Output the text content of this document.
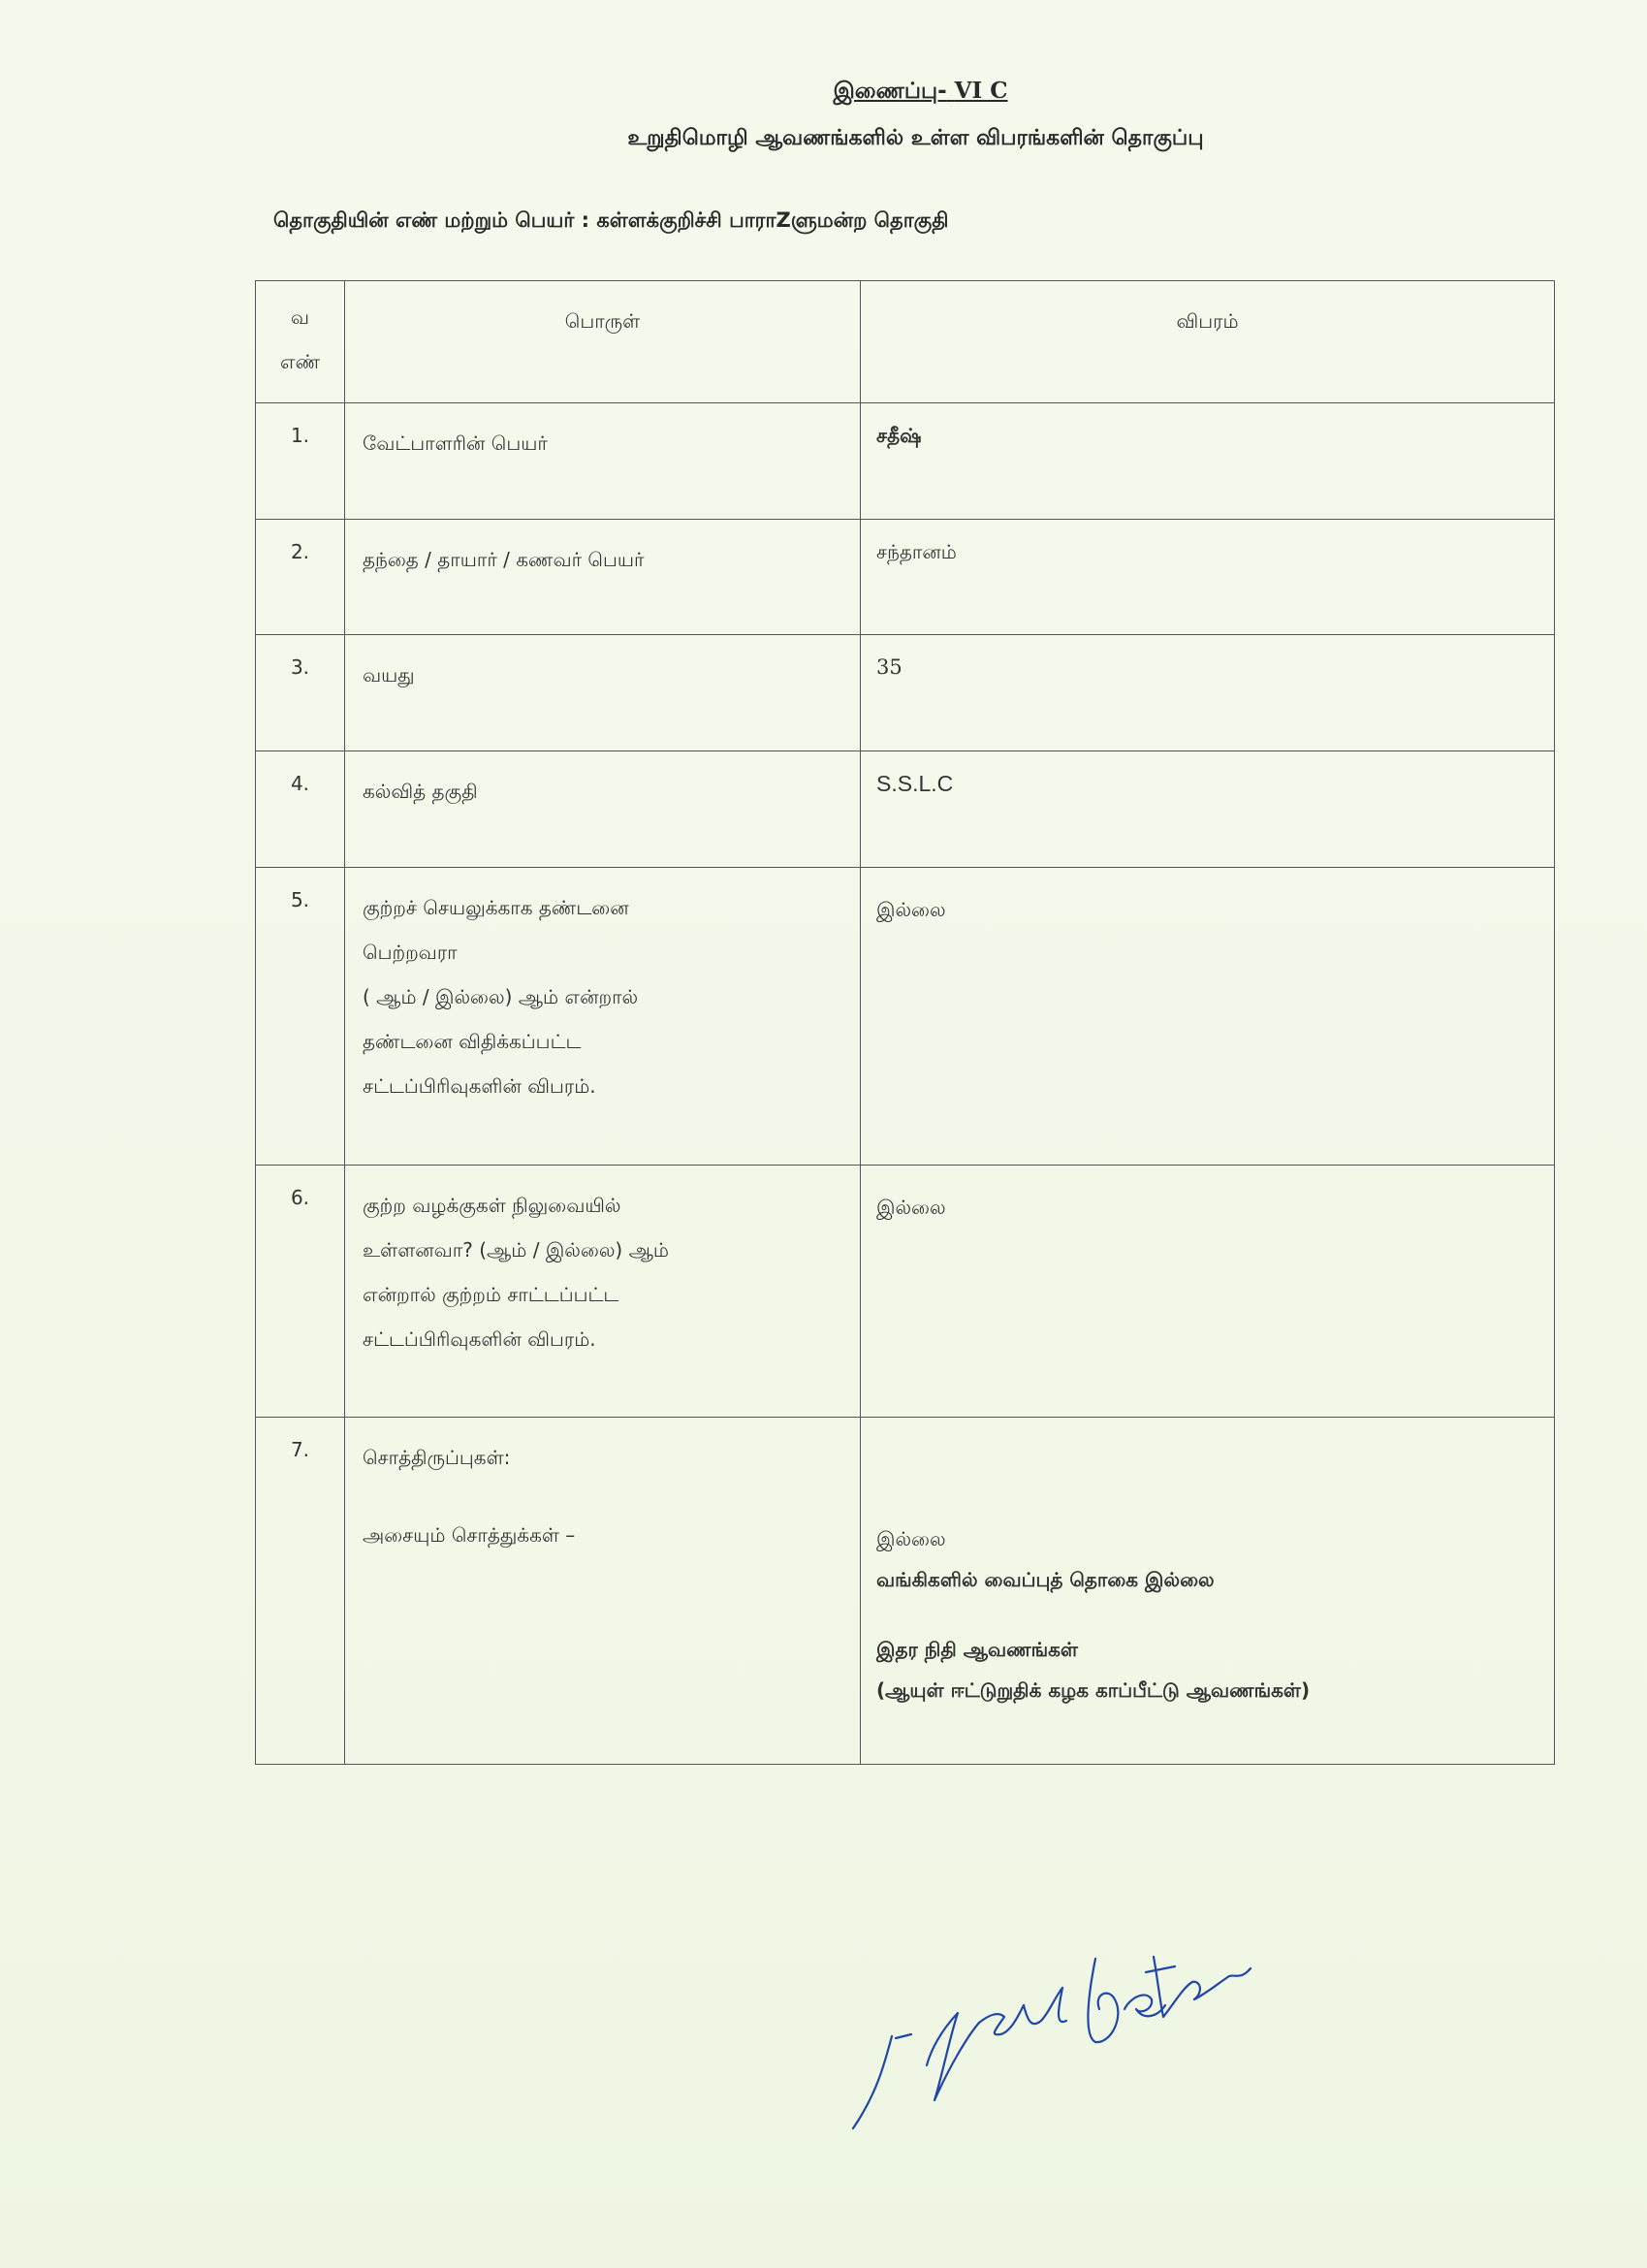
இணைப்பு- VI C
உறுதிமொழி ஆவணங்களில் உள்ள விபரங்களின் தொகுப்பு
தொகுதியின் எண் மற்றும் பெயர் : கள்ளக்குறிச்சி பாராZளுமன்ற தொகுதி
வ
எண்	பொருள்	விபரம்
1.	வேட்பாளரின் பெயர்	சதீஷ்

2.	தந்தை / தாயார் / கணவர் பெயர்	சந்தானம்

3.	வயது	35

4.	கல்வித் தகுதி	S.S.L.C

5.	குற்றச் செயலுக்காக தண்டனை
பெற்றவரா
( ஆம் / இல்லை) ஆம் என்றால்
தண்டனை விதிக்கப்பட்ட
சட்டப்பிரிவுகளின் விபரம்.	இல்லை

6.	குற்ற வழக்குகள் நிலுவையில்
உள்ளனவா? (ஆம் / இல்லை) ஆம்
என்றால் குற்றம் சாட்டப்பட்ட
சட்டப்பிரிவுகளின் விபரம்.	இல்லை

7.	சொத்திருப்புகள்:
அசையும் சொத்துக்கள் –	இல்லை
வங்கிகளில் வைப்புத் தொகை இல்லை
இதர நிதி ஆவணங்கள்
(ஆயுள் ஈட்டுறுதிக் கழக காப்பீட்டு ஆவணங்கள்)
